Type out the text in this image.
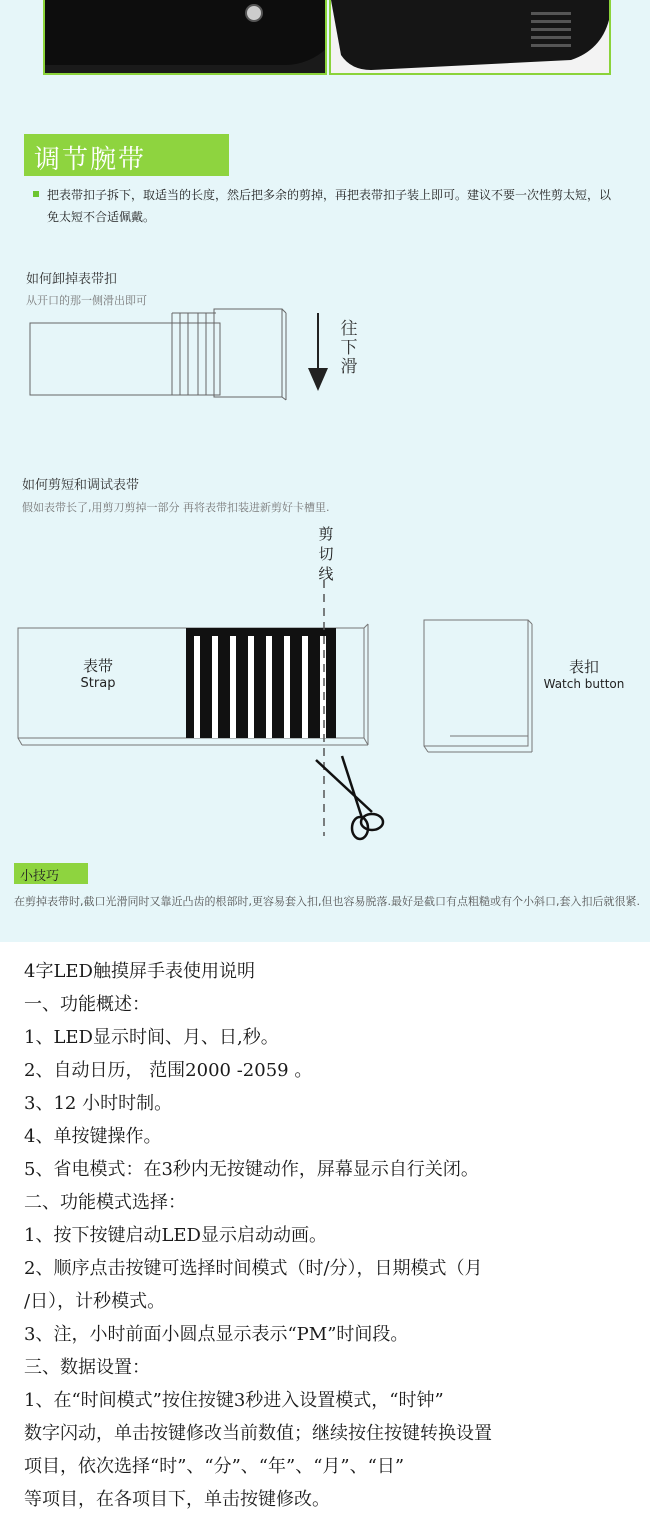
调节腕带
把表带扣子拆下，取适当的长度，然后把多余的剪掉，再把表带扣子装上即可。建议不要一次性剪太短，以免太短不合适佩戴。
如何卸掉表带扣
从开口的那一侧滑出即可
往
下
滑
如何剪短和调试表带
假如表带长了,用剪刀剪掉一部分 再将表带扣装进新剪好卡槽里.
剪
切
线
表带
Strap
表扣
Watch button
小技巧
在剪掉表带时,截口光滑同时又靠近凸齿的根部时,更容易套入扣,但也容易脱落.最好是截口有点粗糙或有个小斜口,套入扣后就很紧.
4字LED触摸屏手表使用说明
一、功能概述：
1、LED显示时间、月、日,秒。
2、自动日历， 范围2000 -2059 。
3、12 小时时制。
4、单按键操作。
5、省电模式：在3秒内无按键动作，屏幕显示自行关闭。
二、功能模式选择：
1、按下按键启动LED显示启动动画。
2、顺序点击按键可选择时间模式（时/分），日期模式（月
/日），计秒模式。
3、注，小时前面小圆点显示表示“PM”时间段。
三、数据设置：
1、在“时间模式”按住按键3秒进入设置模式，“时钟”
数字闪动，单击按键修改当前数值；继续按住按键转换设置
项目，依次选择“时”、“分”、“年”、“月”、“日”
等项目，在各项目下，单击按键修改。
